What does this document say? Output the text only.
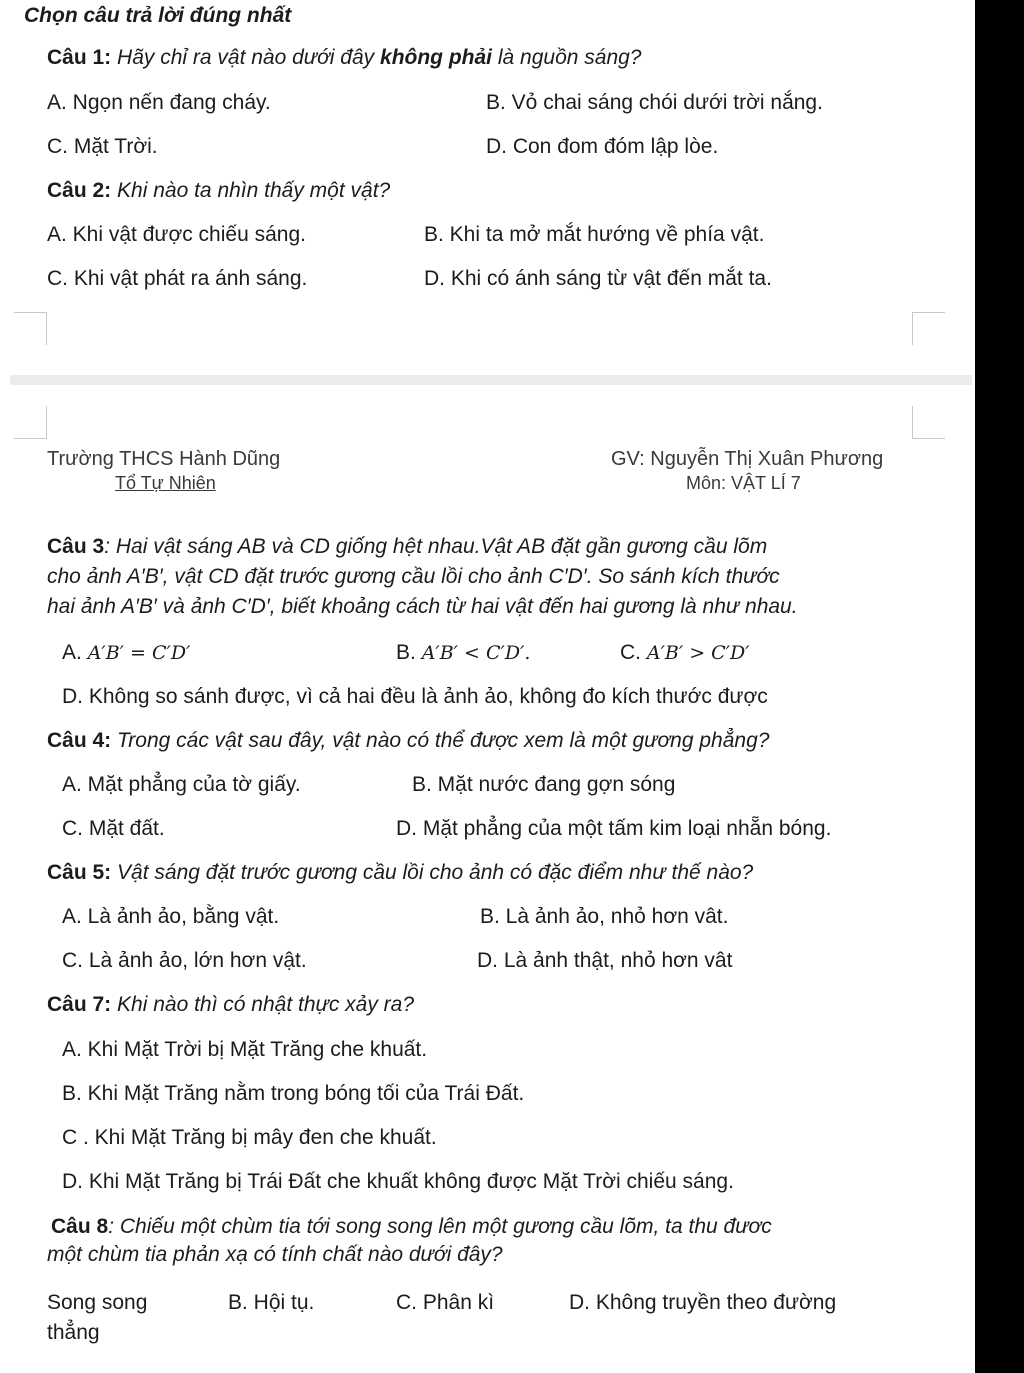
Chọn câu trả lời đúng nhất
Câu 1: Hãy chỉ ra vật nào dưới đây không phải là nguồn sáng?
A. Ngọn nến đang cháy.	B. Vỏ chai sáng chói dưới trời nắng.
C. Mặt Trời.	D. Con đom đóm lập lòe.
Câu 2: Khi nào ta nhìn thấy một vật?
A. Khi vật được chiếu sáng.	B. Khi ta mở mắt hướng về phía vật.
C. Khi vật phát ra ánh sáng.	D. Khi có ánh sáng từ vật đến mắt ta.
Trường THCS Hành Dũng
Tổ Tự Nhiên
GV: Nguyễn Thị Xuân Phương
Môn: VẬT LÍ 7
Câu 3: Hai vật sáng AB và CD giống hệt nhau.Vật AB đặt gần gương cầu lõm
cho ảnh A′B′, vật CD đặt trước gương cầu lồi cho ảnh C′D′. So sánh kích thước
hai ảnh A′B′ và ảnh C′D′, biết khoảng cách từ hai vật đến hai gương là như nhau.
A. A′B′ = C′D′	B. A′B′ < C′D′.	C. A′B′ > C′D′
D. Không so sánh được, vì cả hai đều là ảnh ảo, không đo kích thước được
Câu 4: Trong các vật sau đây, vật nào có thể được xem là một gương phẳng?
A. Mặt phẳng của tờ giấy.	B. Mặt nước đang gợn sóng
C. Mặt đất.	D. Mặt phẳng của một tấm kim loại nhẵn bóng.
Câu 5: Vật sáng đặt trước gương cầu lồi cho ảnh có đặc điểm như thế nào?
A. Là ảnh ảo, bằng vật.	B. Là ảnh ảo, nhỏ hơn vât.
C. Là ảnh ảo, lớn hơn vật.	D. Là ảnh thật, nhỏ hơn vât
Câu 7: Khi nào thì có nhật thực xảy ra?
A. Khi Mặt Trời bị Mặt Trăng che khuất.
B. Khi Mặt Trăng nằm trong bóng tối của Trái Đất.
C . Khi Mặt Trăng bị mây đen che khuất.
D. Khi Mặt Trăng bị Trái Đất che khuất không được Mặt Trời chiếu sáng.
Câu 8: Chiếu một chùm tia tới song song lên một gương cầu lõm, ta thu đươc
một chùm tia phản xạ có tính chất nào dưới đây?
Song song	B. Hội tụ.	C. Phân kì	D. Không truyền theo đường
thẳng
